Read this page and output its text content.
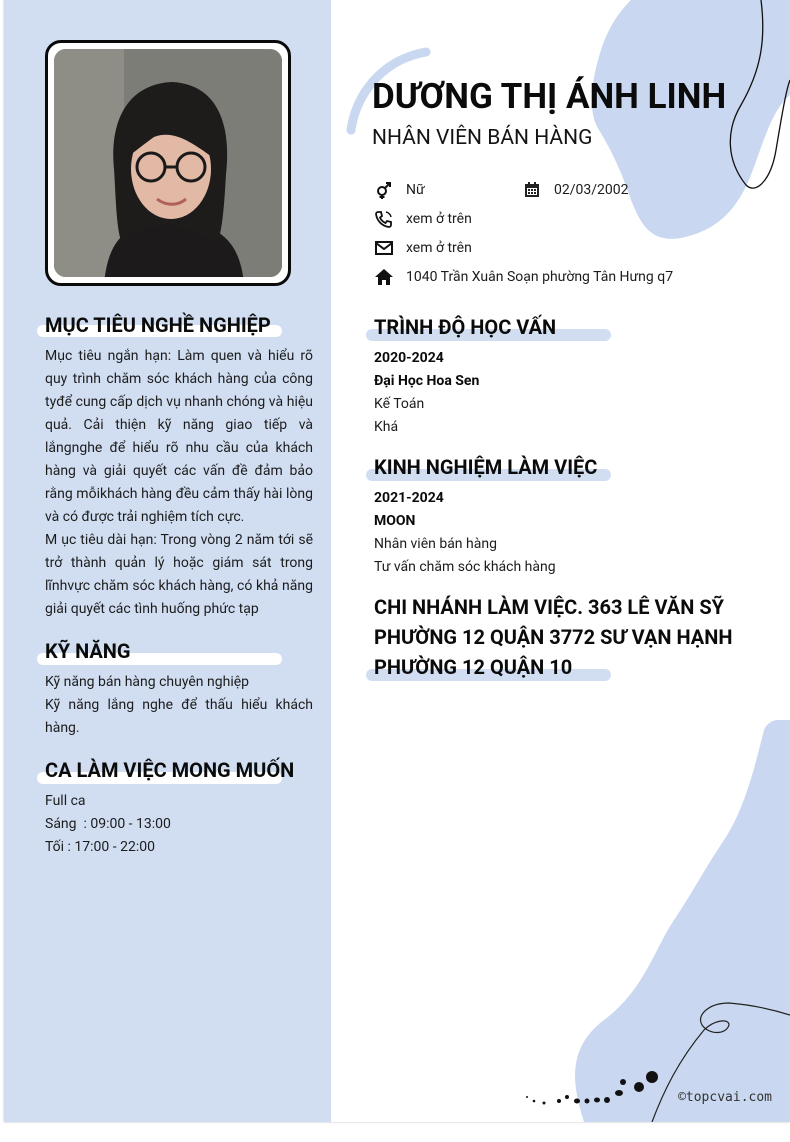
MỤC TIÊU NGHỀ NGHIỆP

Mục tiêu ngắn hạn: Làm quen và hiểu rõ quy trình chăm sóc khách hàng của công tyđể cung cấp dịch vụ nhanh chóng và hiệu quả. Cải thiện kỹ năng giao tiếp và lắngnghe để hiểu rõ nhu cầu của khách hàng và giải quyết các vấn đề đảm bảo rằng mỗikhách hàng đều cảm thấy hài lòng và có được trải nghiệm tích cực.

M ục tiêu dài hạn: Trong vòng 2 năm tới sẽ trở thành quản lý hoặc giám sát trong lĩnhvực chăm sóc khách hàng, có khả năng giải quyết các tình huống phức tạp

KỸ NĂNG

Kỹ năng bán hàng chuyên nghiệp

Kỹ năng lắng nghe để thấu hiểu khách hàng.

CA LÀM VIỆC MONG MUỐN

Full ca

Sáng  : 09:00 - 13:00

Tối : 17:00 - 22:00

DƯƠNG THỊ ÁNH LINH
NHÂN VIÊN BÁN HÀNG
Nữ	02/03/2002
xem ở trên
xem ở trên
1040 Trần Xuân Soạn phường Tân Hưng q7
TRÌNH ĐỘ HỌC VẤN
2020-2024
Đại Học Hoa Sen
Kế Toán
Khá
KINH NGHIỆM LÀM VIỆC
2021-2024
MOON
Nhân viên bán hàng
Tư vấn chăm sóc khách hàng
CHI NHÁNH LÀM VIỆC. 363 LÊ VĂN SỸ PHƯỜNG 12 QUẬN 3772 SƯ VẠN HẠNH PHƯỜNG 12 QUẬN 10
©topcvai.com
